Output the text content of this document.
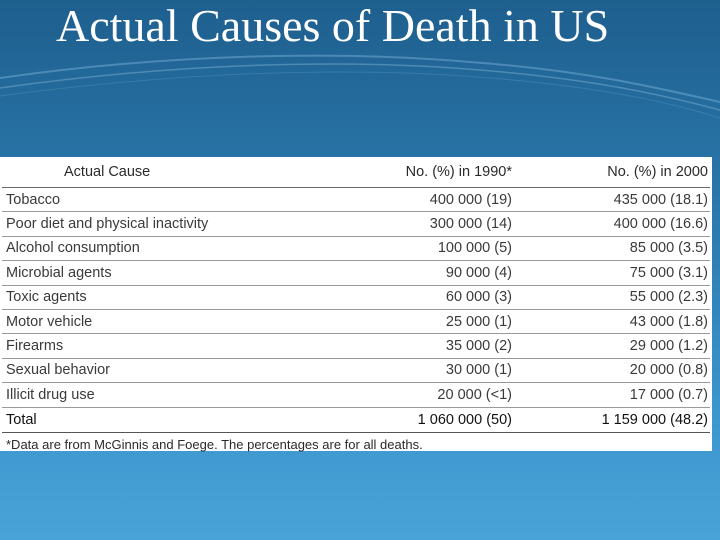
Actual Causes of Death in US
Actual Cause	No. (%) in 1990*	No. (%) in 2000
Tobacco	400 000 (19)	435 000 (18.1)
Poor diet and physical inactivity	300 000 (14)	400 000 (16.6)
Alcohol consumption	100 000 (5)	85 000 (3.5)
Microbial agents	90 000 (4)	75 000 (3.1)
Toxic agents	60 000 (3)	55 000 (2.3)
Motor vehicle	25 000 (1)	43 000 (1.8)
Firearms	35 000 (2)	29 000 (1.2)
Sexual behavior	30 000 (1)	20 000 (0.8)
Illicit drug use	20 000 (<1)	17 000 (0.7)
Total	1 060 000 (50)	1 159 000 (48.2)

*Data are from McGinnis and Foege. The percentages are for all deaths.
